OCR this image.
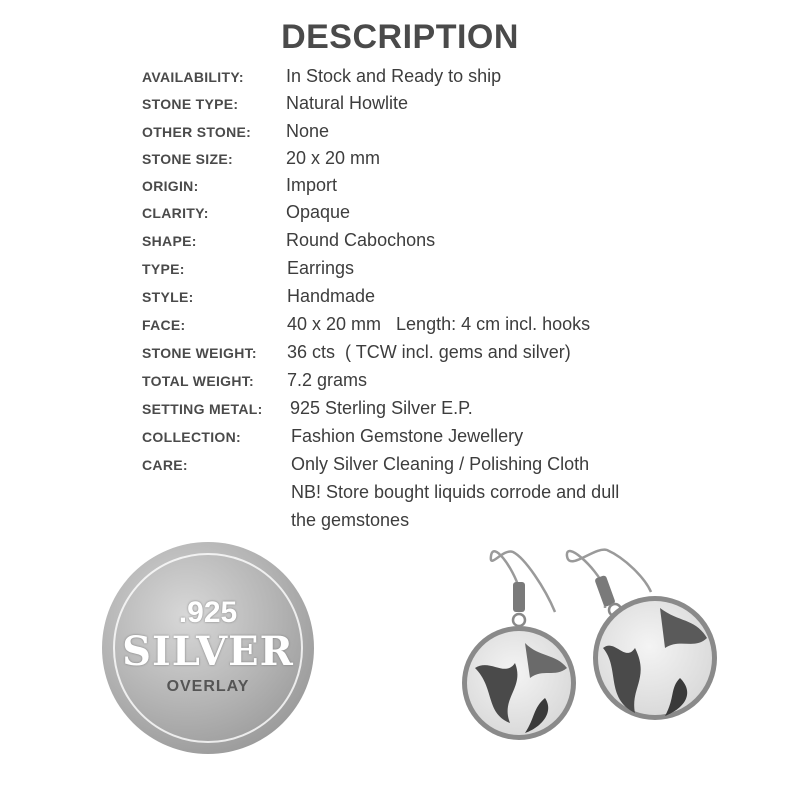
DESCRIPTION
AVAILABILITY: In Stock and Ready to ship
STONE TYPE:	Natural Howlite
OTHER STONE: None
STONE SIZE:	20 x 20 mm
ORIGIN:	Import
CLARITY:	Opaque
SHAPE:	Round Cabochons
TYPE:	Earrings
STYLE:	Handmade
FACE:	40 x 20 mm   Length: 4 cm incl. hooks
STONE WEIGHT: 36 cts  ( TCW incl. gems and silver)
TOTAL WEIGHT: 7.2 grams
SETTING METAL: 925 Sterling Silver E.P.
COLLECTION:	Fashion Gemstone Jewellery
CARE:	Only Silver Cleaning / Polishing Cloth
NB! Store bought liquids corrode and dull
the gemstones
.925
SILVER
OVERLAY
